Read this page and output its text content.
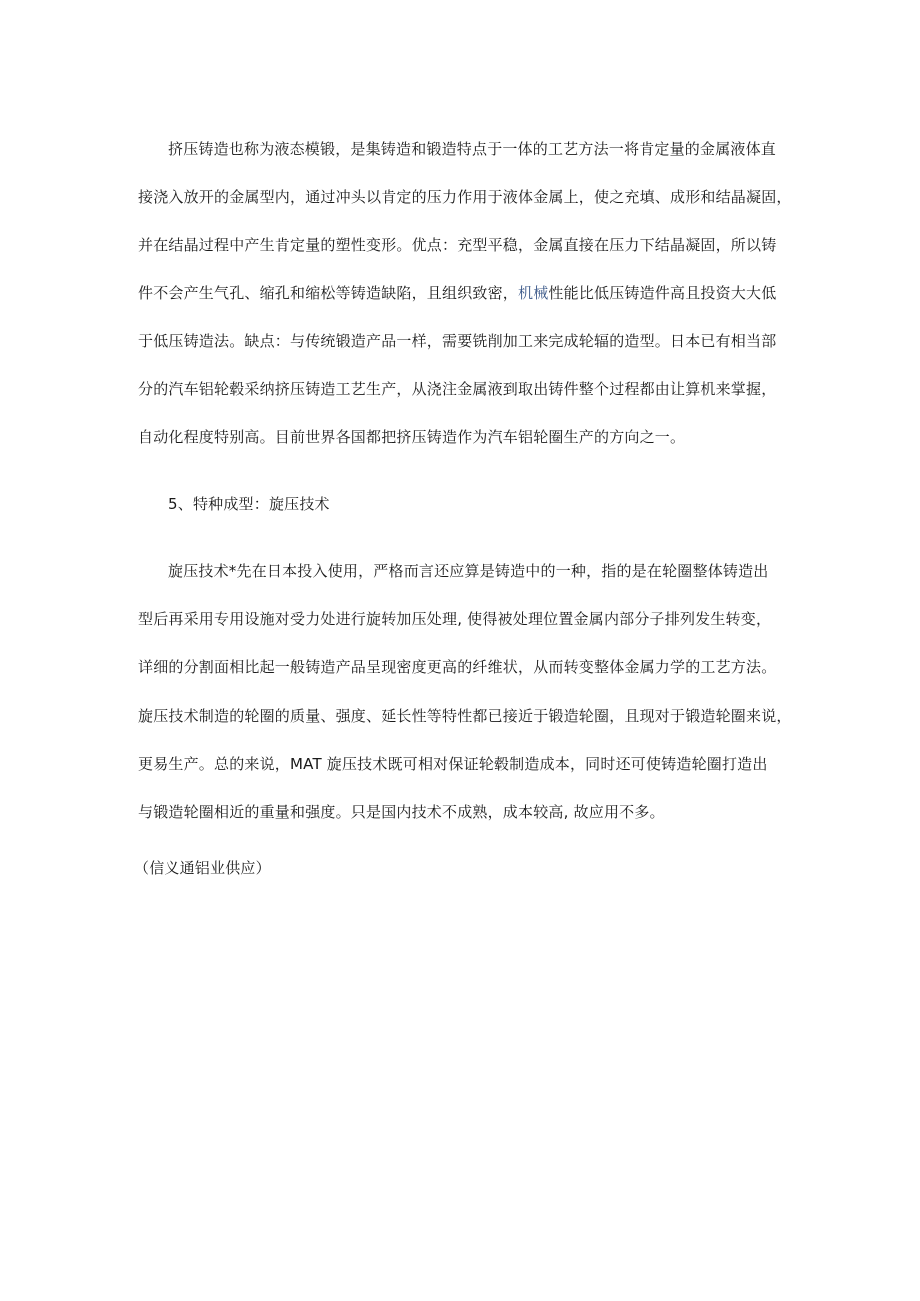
挤压铸造也称为液态模锻，是集铸造和锻造特点于一体的工艺方法一将肯定量的金属液体直
接浇入放开的金属型内，通过冲头以肯定的压力作用于液体金属上，使之充填、成形和结晶凝固，
并在结晶过程中产生肯定量的塑性变形。优点：充型平稳，金属直接在压力下结晶凝固，所以铸
件不会产生气孔、缩孔和缩松等铸造缺陷，且组织致密，机械性能比低压铸造件高且投资大大低
于低压铸造法。缺点：与传统锻造产品一样，需要铣削加工来完成轮辐的造型。日本已有相当部
分的汽车铝轮毂采纳挤压铸造工艺生产，从浇注金属液到取出铸件整个过程都由让算机来掌握，
自动化程度特别高。目前世界各国都把挤压铸造作为汽车铝轮圈生产的方向之一。
5、特种成型：旋压技术
旋压技术*先在日本投入使用，严格而言还应算是铸造中的一种，指的是在轮圈整体铸造出
型后再采用专用设施对受力处进行旋转加压处理, 使得被处理位置金属内部分子排列发生转变，
详细的分割面相比起一般铸造产品呈现密度更高的纤维状，从而转变整体金属力学的工艺方法。
旋压技术制造的轮圈的质量、强度、延长性等特性都已接近于锻造轮圈，且现对于锻造轮圈来说，
更易生产。总的来说，MAT 旋压技术既可相对保证轮毂制造成本，同时还可使铸造轮圈打造出
与锻造轮圈相近的重量和强度。只是国内技术不成熟，成本较高, 故应用不多。
（信义通铝业供应）
